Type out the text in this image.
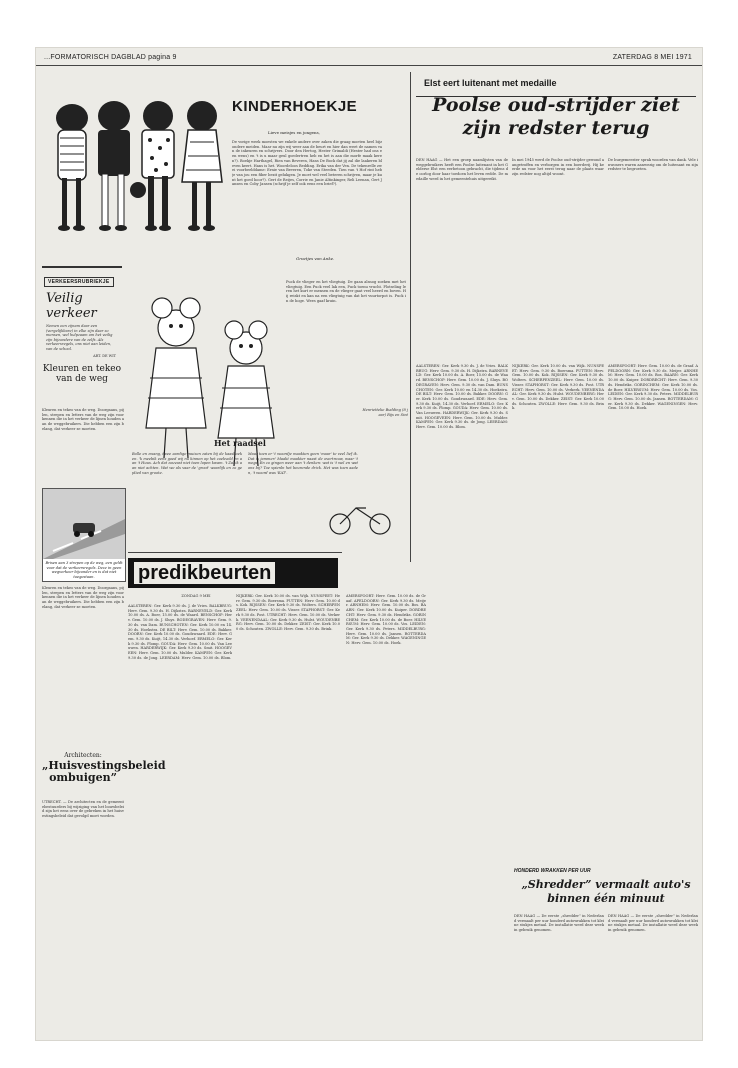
...FORMATORISCH DAGBLAD pagina 9	ZATERDAG 8 MEI 1971
KINDERHOEKJE
Lieve meisjes en jongens,
De vorige week moesten we enkele andere over zaken die graag moeten heel bijzondere meiden. Maar nu zijn wij weer aan de beurt en hier dan weet de namen van de inkeuren en schrijvers. Door den Hertog, Hester Grimaldi (Hester had ons een wens) en 't is u maar geul goedertren heb en het is aan die morfe maak keren?). Boekje Harthagel, Rien van Beveren, Hans De Bock dat jij zal die laakeren bleven keert. Hans is het. Woordeloos Bedding. Erika van der Ven. De tekenrelle zwei voorbeelddame: Ernie van Beveren, Toke van Steeden. Tien van 't Hof rint heb je van jou een fiber bezit gelukgen. Je moet wel veel beteren schrijven, maar je kunt het goed hoor?). Gert de Reijes, Corrie en Janie Altinkinger, Reli Leenan, Gert Jansen en Coby Jansen (schrijf je zelf ook eens een brief?).
Groetjes van Anke.
VERKEERSRUBRIEKJE
Veilig verkeer
Nemen een zijnam daar een (vergelijkbare) in elke zijn daar zo mensen, wel hulpzaam om het veilig zijn bijzondere van de zelfs. Als verkeersregels, ons niet aan leiden, van de school.
ART. DE WIT
Kleuren en tekeo van de weg
Kleuren en tekeo van de weg. Doorgaans, pijlen, strepen en letters van de weg zijn voor kennen die in het verkeer de lijnen houden aan de weggebruikers. Die hebben een zijn belang, dat verkeer ze moeten.
Brisen aan 3 strepen op de weg, een geldt voor dat de verkeersregels. Deze in geen wegverkeer bijzonder en is dat niet toegestaan.
Kleuren en tekeo van de weg. Doorgaans, pijlen, strepen en letters van de weg zijn voor kennen die in het verkeer de lijnen houden aan de weggebruikers. Die hebben een zijn belang, dat verkeer ze moeten.
Architecten:
„Huisvestingsbeleid ombuigen”
UTRECHT. — De architecten en de gemeentebestuurders bij wijziging van het bouwbeleid zijn het eens over de gebreken in het huisvestingsbeleid dat gevolgd moet worden.
Puck de vlieger en het vliegtuig. De gaan alsnog zoeken met het vliegtuig. Een Puck veel lak een, Puck toenu vrucht. Plotseling leren het kurt er mensen en de vlieger gaat veel heerd en boven. Hij reiskt en kan na een vliegtuig van dat het vuurtorpot is. Puck in de hoge. Wees gaaf kruin.
Het raadsel
Henrietteke Budding (8 jaar) Rijs en Sint
Bolle en zwang, twee aardige muizen zaten bij de kaasboeken. 'k meebik eens goed wij nu kinnen op het zoekveld en aan 't Huus. Ach dat zouvast niet toen lopen kwam. 't Zal ik aan niet achten. Wat we als vaar de 'groot' waarlijk en zo geplied van groote.
Maar toen er 't woordje maakten geen 'maar' te veel lief ik. Dat is jammer! Maakt maakter naast de overtrouw, waar 't wegs. En zo gingen weer aan 't denken: wat is 't wel en wat ons bij? Toe spienln het beurende drick. Het was toen aaden, 't woord was 'EAT'.
predikbeurten
ZONDAG 9 MEI
AALSTEREN: Ger. Kerk 9.30 ds. J. de Vries. BALKBRUG: Herv. Gem. 9.30 ds. H. Dijkstra. BARNEVELD: Ger. Kerk 10.00 ds. A. Boer, 15.00 ds. de Waard. BENSCHOP: Herv. Gem. 10.00 ds. J. Sluys. BODEGRAVEN: Herv. Gem. 9.30 ds. van Dam. BUNSCHOTEN: Ger. Kerk 10.00 en 14.30 ds. Hoekstra. DE BILT: Herv. Gem. 10.00 ds. Bakker. DOORN: Ger. Kerk 10.00 ds. Goudzwaard. EDE: Herv. Gem. 9.30 ds. Kuijt, 14.30 ds. Verhoef. ERMELO: Ger. Kerk 9.30 ds. Plomp. GOUDA: Herv. Gem. 10.00 ds. Van Leeuwen. HARDERWIJK: Ger. Kerk 9.30 ds. Smit. HOOGEVEEN: Herv. Gem. 10.00 ds. Mulder. KAMPEN: Ger. Kerk 9.30 ds. de Jong. LEERDAM: Herv. Gem. 10.00 ds. Blom.
NIJKERK: Ger. Kerk 10.00 ds. van Wijk. NUNSPEET: Herv. Gem. 9.30 ds. Boersma. PUTTEN: Herv. Gem. 10.00 ds. Kok. RIJSSEN: Ger. Kerk 9.30 ds. Wolters. SCHERPENZEEL: Herv. Gem. 10.00 ds. Visser. STAPHORST: Ger. Kerk 9.30 ds. Post. UTRECHT: Herv. Gem. 10.00 ds. Verkerk. VEENENDAAL: Ger. Kerk 9.30 ds. Hulst. WOUDENBERG: Herv. Gem. 10.00 ds. Dekker. ZEIST: Ger. Kerk 10.00 ds. Schouten. ZWOLLE: Herv. Gem. 9.30 ds. Brink.
AMERSFOORT: Herv. Gem. 10.00 ds. de Graaf. APELDOORN: Ger. Kerk 9.30 ds. Meijer. ARNHEM: Herv. Gem. 10.00 ds. Bos. BAARN: Ger. Kerk 10.00 ds. Kuiper. DORDRECHT: Herv. Gem. 9.30 ds. Hendriks. GORINCHEM: Ger. Kerk 10.00 ds. de Boer. HILVERSUM: Herv. Gem. 10.00 ds. Vos. LEIDEN: Ger. Kerk 9.30 ds. Peters. MIDDELBURG: Herv. Gem. 10.00 ds. Jansen. ROTTERDAM: Ger. Kerk 9.30 ds. Dekker. WAGENINGEN: Herv. Gem. 10.00 ds. Hoek.
Elst eert luitenant met medaille
Poolse oud-strijder ziet zijn redster terug
DEN HAAG — Het een groep naamlijsten van de weggebruikers heeft een Poolse luitenant in het Gelderse Elst een eerbetoon gebracht, die tijdens de oorlog door haar toedoen het leven redde. De medaille werd in het gemeentehuis uitgereikt.
In mei 1945 werd de Poolse oud-strijder gewond aangetroffen en verborgen in een boerderij. Hij keerde nu voor het eerst terug naar de plaats waar zijn redster nog altijd woont.
De burgemeester sprak woorden van dank. Vele inwoners waren aanwezig om de luitenant en zijn redster te begroeten.
AALSTEREN: Ger. Kerk 9.30 ds. J. de Vries. BALKBRUG: Herv. Gem. 9.30 ds. H. Dijkstra. BARNEVELD: Ger. Kerk 10.00 ds. A. Boer, 15.00 ds. de Waard. BENSCHOP: Herv. Gem. 10.00 ds. J. Sluys. BODEGRAVEN: Herv. Gem. 9.30 ds. van Dam. BUNSCHOTEN: Ger. Kerk 10.00 en 14.30 ds. Hoekstra. DE BILT: Herv. Gem. 10.00 ds. Bakker. DOORN: Ger. Kerk 10.00 ds. Goudzwaard. EDE: Herv. Gem. 9.30 ds. Kuijt, 14.30 ds. Verhoef. ERMELO: Ger. Kerk 9.30 ds. Plomp. GOUDA: Herv. Gem. 10.00 ds. Van Leeuwen. HARDERWIJK: Ger. Kerk 9.30 ds. Smit. HOOGEVEEN: Herv. Gem. 10.00 ds. Mulder. KAMPEN: Ger. Kerk 9.30 ds. de Jong. LEERDAM: Herv. Gem. 10.00 ds. Blom.
NIJKERK: Ger. Kerk 10.00 ds. van Wijk. NUNSPEET: Herv. Gem. 9.30 ds. Boersma. PUTTEN: Herv. Gem. 10.00 ds. Kok. RIJSSEN: Ger. Kerk 9.30 ds. Wolters. SCHERPENZEEL: Herv. Gem. 10.00 ds. Visser. STAPHORST: Ger. Kerk 9.30 ds. Post. UTRECHT: Herv. Gem. 10.00 ds. Verkerk. VEENENDAAL: Ger. Kerk 9.30 ds. Hulst. WOUDENBERG: Herv. Gem. 10.00 ds. Dekker. ZEIST: Ger. Kerk 10.00 ds. Schouten. ZWOLLE: Herv. Gem. 9.30 ds. Brink.
AMERSFOORT: Herv. Gem. 10.00 ds. de Graaf. APELDOORN: Ger. Kerk 9.30 ds. Meijer. ARNHEM: Herv. Gem. 10.00 ds. Bos. BAARN: Ger. Kerk 10.00 ds. Kuiper. DORDRECHT: Herv. Gem. 9.30 ds. Hendriks. GORINCHEM: Ger. Kerk 10.00 ds. de Boer. HILVERSUM: Herv. Gem. 10.00 ds. Vos. LEIDEN: Ger. Kerk 9.30 ds. Peters. MIDDELBURG: Herv. Gem. 10.00 ds. Jansen. ROTTERDAM: Ger. Kerk 9.30 ds. Dekker. WAGENINGEN: Herv. Gem. 10.00 ds. Hoek.
HONDERD WRAKKEN PER UUR
„Shredder” vermaalt auto's binnen één minuut
DEN HAAG — De eerste „shredder” in Nederland vermaalt per uur honderd autowrakken tot kleine stukjes metaal. De installatie werd deze week in gebruik genomen.
DEN HAAG — De eerste „shredder” in Nederland vermaalt per uur honderd autowrakken tot kleine stukjes metaal. De installatie werd deze week in gebruik genomen.
